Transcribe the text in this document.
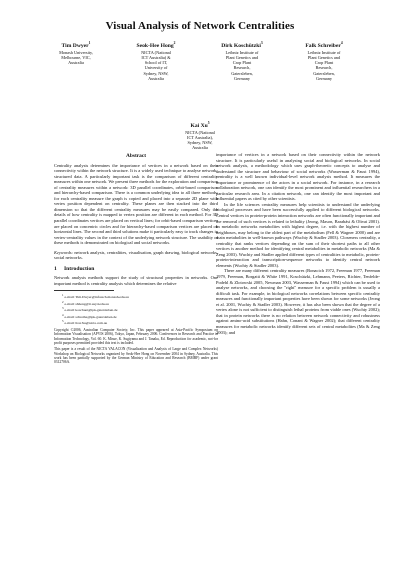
Visual Analysis of Network Centralities
Tim Dwyer$^1$
Monash University,
Melbourne, VIC,
Australia
Seok-Hee Hong$^2$
NICTA (National
ICT Australia) &
School of IT,
University of
Sydney, NSW,
Australia
Dirk Koschützki$^3$
Leibniz Institute of
Plant Genetics and
Crop Plant
Research,
Gatersleben,
Germany
Falk Schreiber$^4$
Leibniz Institute of
Plant Genetics and
Crop Plant
Research,
Gatersleben,
Germany
Kai Xu$^5$
NICTA (National
ICT Australia),
Sydney, NSW,
Australia
Abstract

Centrality analysis determines the importance of vertices in a network based on their connectivity within the network structure. It is a widely used technique to analyse network-structured data. A particularly important task is the comparison of different centrality measures within one network. We present three methods for the exploration and comparison of centrality measures within a network: 3D parallel coordinates, orbit-based comparison and hierarchy-based comparison. There is a common underlying idea to all three methods: for each centrality measure the graph is copied and placed into a separate 2D plane with vertex position dependent on centrality. These planes are then stacked into the third dimension so that the different centrality measures may be easily compared. Only the details of how centrality is mapped to vertex position are different in each method. For 3D parallel coordinates vertices are placed on vertical lines; for orbit-based comparison vertices are placed on concentric circles and for hierarchy-based comparison vertices are placed on horizontal lines. The second and third solutions make it particularly easy to track changes in vertex-centrality values in the context of the underlying network structure. The usability of these methods is demonstrated on biological and social networks.

Keywords: network analysis, centralities, visualisation, graph drawing, biological networks, social networks.

1 Introduction

Network analysis methods support the study of structural properties in networks. One important method is centrality analysis which determines the relative

$^1$e-mail: Tim.Dwyer@infotech.monash.edu.au
$^2$e-mail: shhong@it.usyd.edu.au
$^3$e-mail: koschuet@ipk-gatersleben.de
$^4$e-mail: schreibe@ipk-gatersleben.de
$^5$e-mail: Kai.Xu@nicta.com.au

Copyright ©2006, Australian Computer Society, Inc. This paper appeared at Asia-Pacific Symposium on Information Visualisation (APVIS 2006), Tokyo, Japan, February 2006. Conferences in Research and Practice in Information Technology, Vol. 60. K. Misue, K. Sugiyama and J. Tanaka, Ed. Reproduction for academic, not-for profit purposes permitted provided this text is included.

This paper is a result of the NICTA VALACON (Visualization and Analysis of Large and Complex Networks) Workshop on Biological Networks organized by Seok-Hee Hong on November 2004 in Sydney, Australia. This work has been partially supported by the German Ministry of Education and Research (BMBF) under grant 0312706A.

importance of vertices in a network based on their connectivity within the network structure. It is particularly useful in analysing social and biological networks. In social network analysis, a methodology which uses graph-theoretic concepts to analyse and understand the structure and behaviour of social networks (Wasserman & Faust 1994), centrality is a well known individual-level network analysis method. It measures the importance or prominence of the actors in a social network. For instance, in a research collaboration network, one can identify the most prominent and influential researchers in a particular research area. In a citation network, one can identify the most important and influential papers as cited by other scientists.

In the life sciences centrality measures help scientists to understand the underlying biological processes and have been successfully applied to different biological networks. Central vertices in protein-protein interaction networks are often functionally important and the removal of such vertices is related to lethality (Jeong, Mason, Barabási & Oltvai 2001). In metabolic networks metabolites with highest degree, i.e. with the highest number of neighbours, may belong to the oldest part of the metabolism (Fell & Wagner 2000) and are main metabolites in well-known pathways (Wuchty & Stadler 2003). Closeness centrality, a centrality that ranks vertices depending on the sum of their shortest paths to all other vertices is another method for identifying central metabolites in metabolic networks (Ma & Zeng 2003). Wuchty and Stadler applied different types of centralities to metabolic, protein-protein-interaction and transcription-sequence networks to identify central network elements (Wuchty & Stadler 2003).

There are many different centrality measures (Bonacich 1972, Freeman 1977, Freeman 1979, Freeman, Borgatti & White 1991, Koschützki, Lehmann, Peeters, Richter, Tenfelde-Podehl & Zlotowski 2005, Newman 2003, Wasserman & Faust 1994) which can be used to analyse networks, and choosing the "right" measure for a specific problem is usually a difficult task. For example, in biological networks correlations between specific centrality measures and functionally important properties have been shown for some networks (Jeong et al. 2001, Wuchty & Stadler 2003). However, it has also been shown that the degree of a vertex alone is not sufficient to distinguish lethal proteins from viable ones (Wuchty 2002); that in protein networks there is no relation between network connectivity and robustness against amino-acid substitutions (Hahn, Conant & Wagner 2002); that different centrality measures for metabolic networks identify different sets of central metabolites (Ma & Zeng 2003); and
